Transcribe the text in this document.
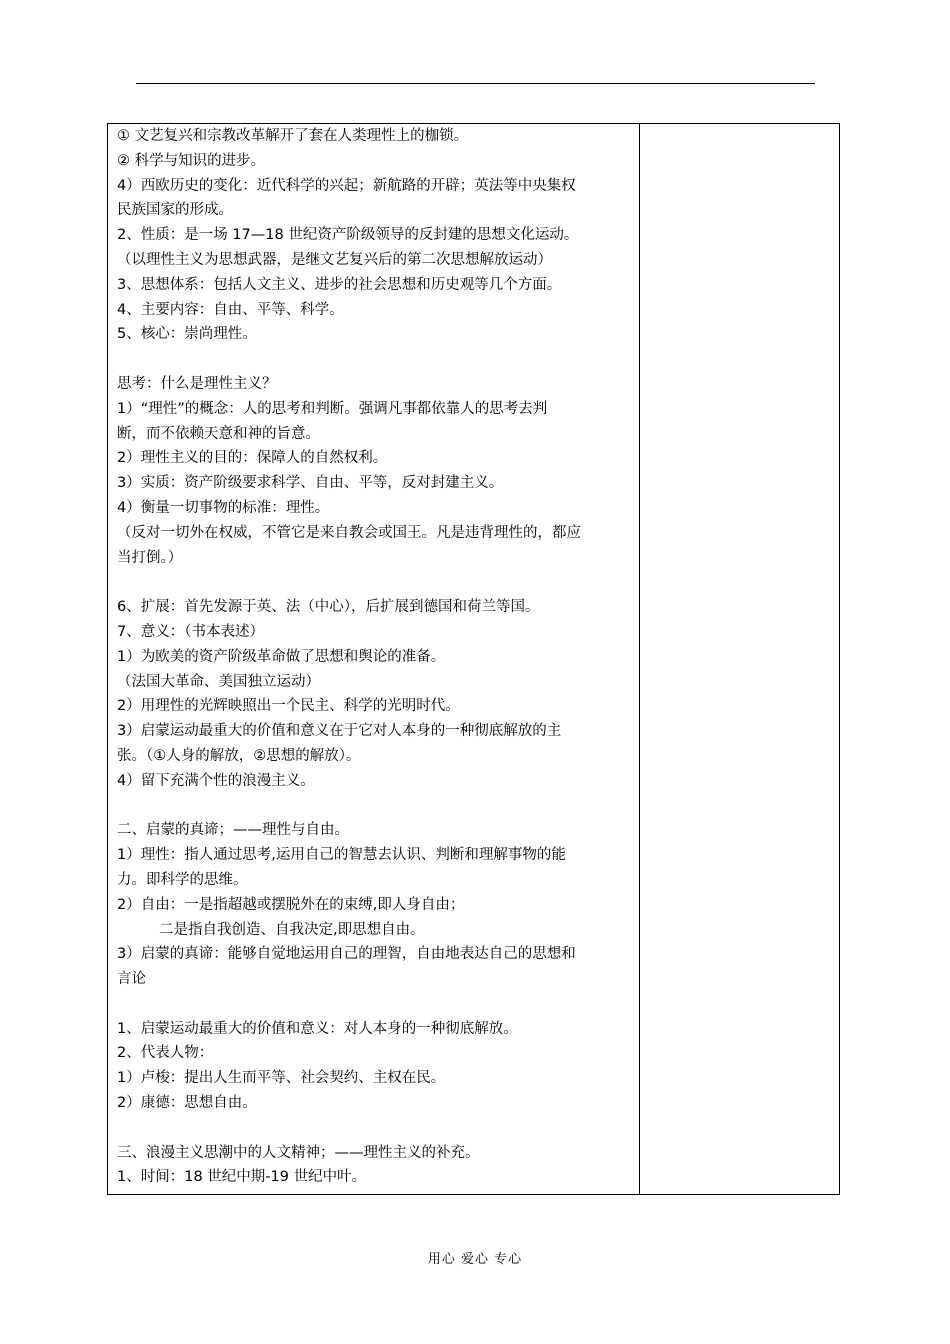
① 文艺复兴和宗教改革解开了套在人类理性上的枷锁。
② 科学与知识的进步。
4）西欧历史的变化：近代科学的兴起；新航路的开辟；英法等中央集权
民族国家的形成。
2、性质：是一场 17—18 世纪资产阶级领导的反封建的思想文化运动。
（以理性主义为思想武器，是继文艺复兴后的第二次思想解放运动）
3、思想体系：包括人文主义、进步的社会思想和历史观等几个方面。
4、主要内容：自由、平等、科学。
5、核心：崇尚理性。
思考：什么是理性主义？
1）“理性”的概念：人的思考和判断。强调凡事都依靠人的思考去判
断，而不依赖天意和神的旨意。
2）理性主义的目的：保障人的自然权利。
3）实质：资产阶级要求科学、自由、平等，反对封建主义。
4）衡量一切事物的标准：理性。
（反对一切外在权威，不管它是来自教会或国王。凡是违背理性的，都应
当打倒。）
6、扩展：首先发源于英、法（中心），后扩展到德国和荷兰等国。
7、意义：（书本表述）
1）为欧美的资产阶级革命做了思想和舆论的准备。
（法国大革命、美国独立运动）
2）用理性的光辉映照出一个民主、科学的光明时代。
3）启蒙运动最重大的价值和意义在于它对人本身的一种彻底解放的主
张。（①人身的解放，②思想的解放）。
4）留下充满个性的浪漫主义。
二、启蒙的真谛；——理性与自由。
1）理性：指人通过思考,运用自己的智慧去认识、判断和理解事物的能
力。即科学的思维。
2）自由：一是指超越或摆脱外在的束缚,即人身自由；
二是指自我创造、自我决定,即思想自由。
3）启蒙的真谛：能够自觉地运用自己的理智，自由地表达自己的思想和
言论
1、启蒙运动最重大的价值和意义：对人本身的一种彻底解放。
2、代表人物：
1）卢梭：提出人生而平等、社会契约、主权在民。
2）康德：思想自由。
三、浪漫主义思潮中的人文精神；——理性主义的补充。
1、时间：18 世纪中期-19 世纪中叶。
用心 爱心 专心
